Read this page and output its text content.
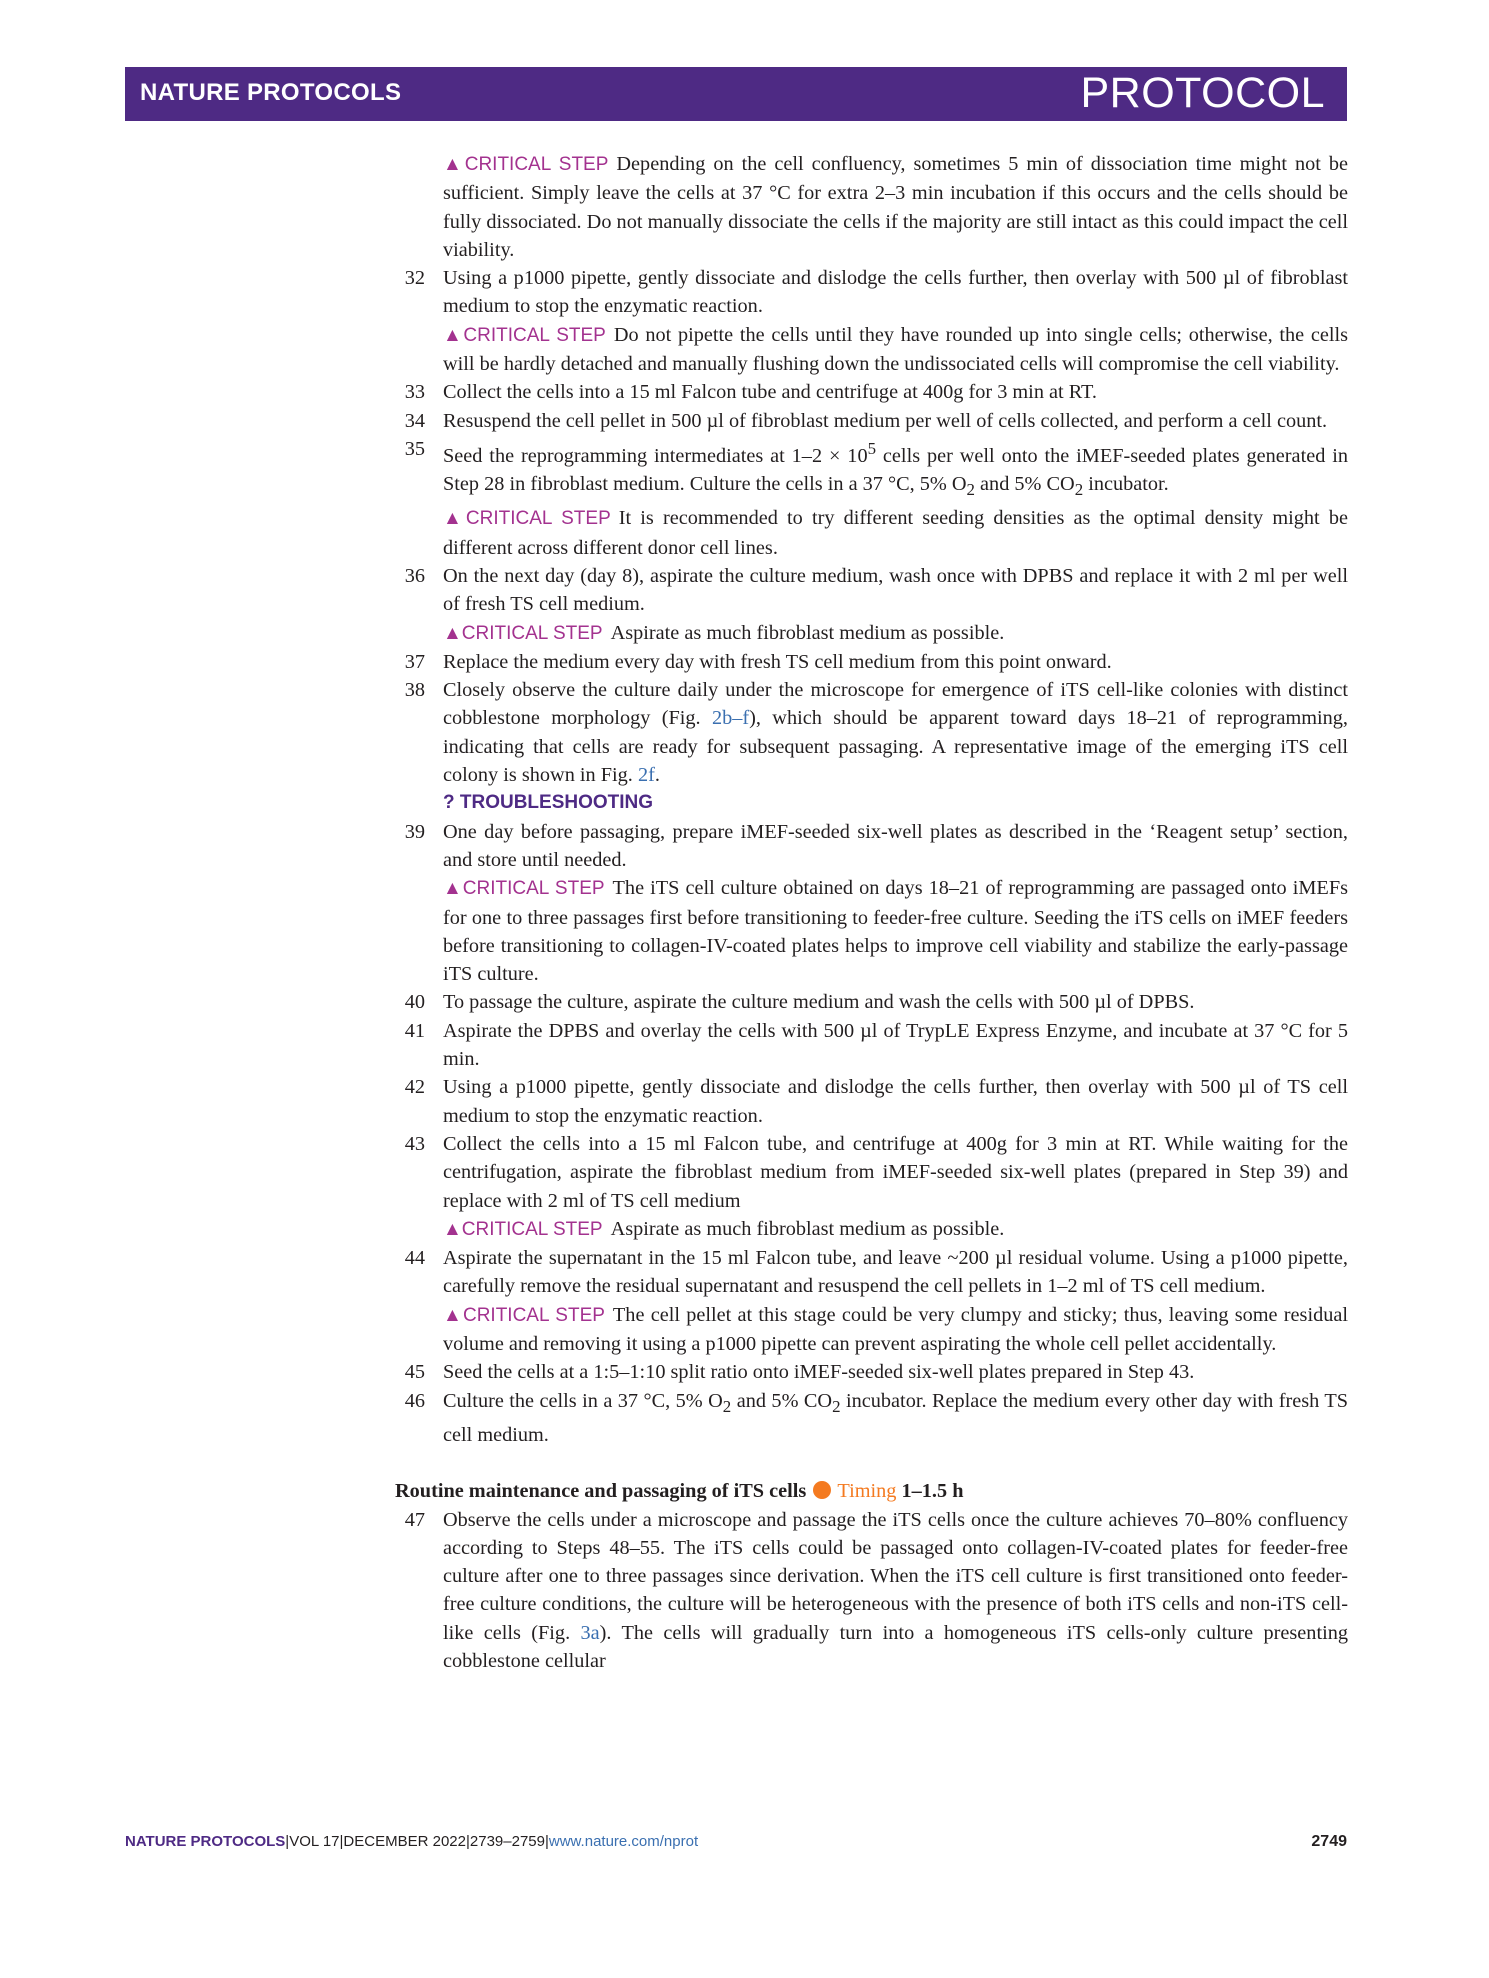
NATURE PROTOCOLS	PROTOCOL
▲CRITICAL STEP Depending on the cell confluency, sometimes 5 min of dissociation time might not be sufficient. Simply leave the cells at 37 °C for extra 2–3 min incubation if this occurs and the cells should be fully dissociated. Do not manually dissociate the cells if the majority are still intact as this could impact the cell viability.
32 Using a p1000 pipette, gently dissociate and dislodge the cells further, then overlay with 500 µl of fibroblast medium to stop the enzymatic reaction.
▲CRITICAL STEP Do not pipette the cells until they have rounded up into single cells; otherwise, the cells will be hardly detached and manually flushing down the undissociated cells will compromise the cell viability.
33 Collect the cells into a 15 ml Falcon tube and centrifuge at 400g for 3 min at RT.
34 Resuspend the cell pellet in 500 µl of fibroblast medium per well of cells collected, and perform a cell count.
35 Seed the reprogramming intermediates at $1-2 \times 10^5$ cells per well onto the iMEF-seeded plates generated in Step 28 in fibroblast medium. Culture the cells in a 37 °C, 5% $O_2$ and 5% $CO_2$ incubator.
▲CRITICAL STEP It is recommended to try different seeding densities as the optimal density might be different across different donor cell lines.
36 On the next day (day 8), aspirate the culture medium, wash once with DPBS and replace it with 2 ml per well of fresh TS cell medium.
▲CRITICAL STEP Aspirate as much fibroblast medium as possible.
37 Replace the medium every day with fresh TS cell medium from this point onward.
38 Closely observe the culture daily under the microscope for emergence of iTS cell-like colonies with distinct cobblestone morphology (Fig. 2b–f), which should be apparent toward days 18–21 of reprogramming, indicating that cells are ready for subsequent passaging. A representative image of the emerging iTS cell colony is shown in Fig. 2f.
? TROUBLESHOOTING
39 One day before passaging, prepare iMEF-seeded six-well plates as described in the ‘Reagent setup’ section, and store until needed.
▲CRITICAL STEP The iTS cell culture obtained on days 18–21 of reprogramming are passaged onto iMEFs for one to three passages first before transitioning to feeder-free culture. Seeding the iTS cells on iMEF feeders before transitioning to collagen-IV-coated plates helps to improve cell viability and stabilize the early-passage iTS culture.
40 To passage the culture, aspirate the culture medium and wash the cells with 500 µl of DPBS.
41 Aspirate the DPBS and overlay the cells with 500 µl of TrypLE Express Enzyme, and incubate at 37 °C for 5 min.
42 Using a p1000 pipette, gently dissociate and dislodge the cells further, then overlay with 500 µl of TS cell medium to stop the enzymatic reaction.
43 Collect the cells into a 15 ml Falcon tube, and centrifuge at 400g for 3 min at RT. While waiting for the centrifugation, aspirate the fibroblast medium from iMEF-seeded six-well plates (prepared in Step 39) and replace with 2 ml of TS cell medium
▲CRITICAL STEP Aspirate as much fibroblast medium as possible.
44 Aspirate the supernatant in the 15 ml Falcon tube, and leave ~200 µl residual volume. Using a p1000 pipette, carefully remove the residual supernatant and resuspend the cell pellets in 1–2 ml of TS cell medium.
▲CRITICAL STEP The cell pellet at this stage could be very clumpy and sticky; thus, leaving some residual volume and removing it using a p1000 pipette can prevent aspirating the whole cell pellet accidentally.
45 Seed the cells at a 1:5–1:10 split ratio onto iMEF-seeded six-well plates prepared in Step 43.
46 Culture the cells in a 37 °C, 5% $O_2$ and 5% $CO_2$ incubator. Replace the medium every other day with fresh TS cell medium.
Routine maintenance and passaging of iTS cells Timing 1–1.5 h
47 Observe the cells under a microscope and passage the iTS cells once the culture achieves 70–80% confluency according to Steps 48–55. The iTS cells could be passaged onto collagen-IV-coated plates for feeder-free culture after one to three passages since derivation. When the iTS cell culture is first transitioned onto feeder-free culture conditions, the culture will be heterogeneous with the presence of both iTS cells and non-iTS cell-like cells (Fig. 3a). The cells will gradually turn into a homogeneous iTS cells-only culture presenting cobblestone cellular
NATURE PROTOCOLS|VOL 17|DECEMBER 2022|2739–2759|www.nature.com/nprot	2749
